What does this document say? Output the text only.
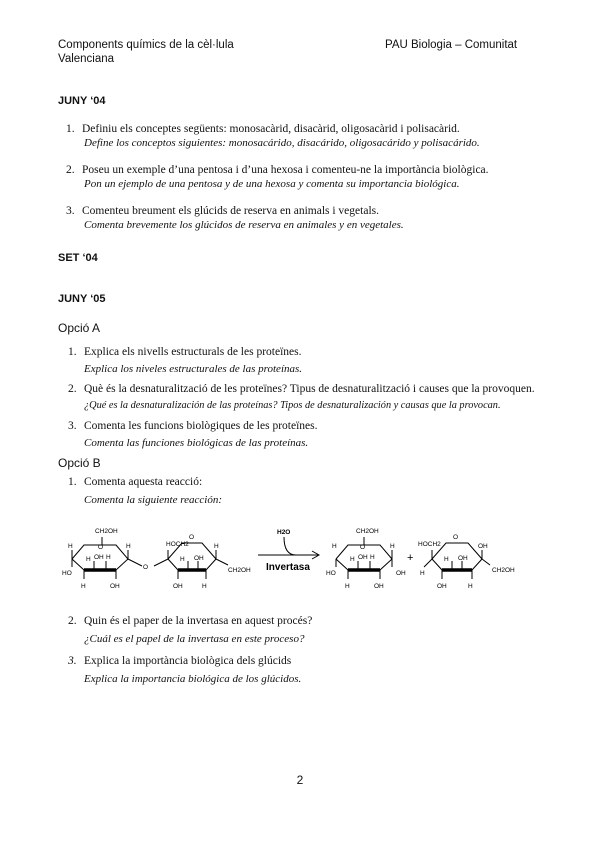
Components químics de la cèl·lula
Valenciana
PAU Biologia – Comunitat
JUNY ‘04
1. Definiu els conceptes següents: monosacàrid, disacàrid, oligosacàrid i polisacàrid.
Define los conceptos siguientes: monosacárido, disacárido, oligosacárido y polisacárido.
2. Poseu un exemple d’una pentosa i d’una hexosa i comenteu-ne la importància biològica.
Pon un ejemplo de una pentosa y de una hexosa y comenta su importancia biológica.
3. Comenteu breument els glúcids de reserva en animals i vegetals.
Comenta brevemente los glúcidos de reserva en animales y en vegetales.
SET ‘04
JUNY ‘05
Opció A
1. Explica els nivells estructurals de les proteïnes.
Explica los niveles estructurales de las proteínas.
2. Què és la desnaturalització de les proteïnes? Tipus de desnaturalització i causes que la provoquen.
¿Qué es la desnaturalización de las proteínas? Tipos de desnaturalización y causas que la provocan.
3. Comenta les funcions biològiques de les proteïnes.
Comenta las funciones biológicas de las proteínas.
Opció B
1. Comenta aquesta reacció:
Comenta la siguiente reacción:
CH2OH
H	O	H
H OH
HO
H
H	OH
O
HOCH2
O
H
H OH
OH	H
CH2OH
H2O	CH2OH
O
H	H
H OH H
HO	OH
H	OH
+
HOCH2
O
OH
H
H OH
OH	H
CH2OH
Invertasa
2. Quin és el paper de la invertasa en aquest procés?
¿Cuál es el papel de la invertasa en este proceso?
3. Explica la importància biològica dels glúcids
Explica la importancia biológica de los glúcidos.
2
